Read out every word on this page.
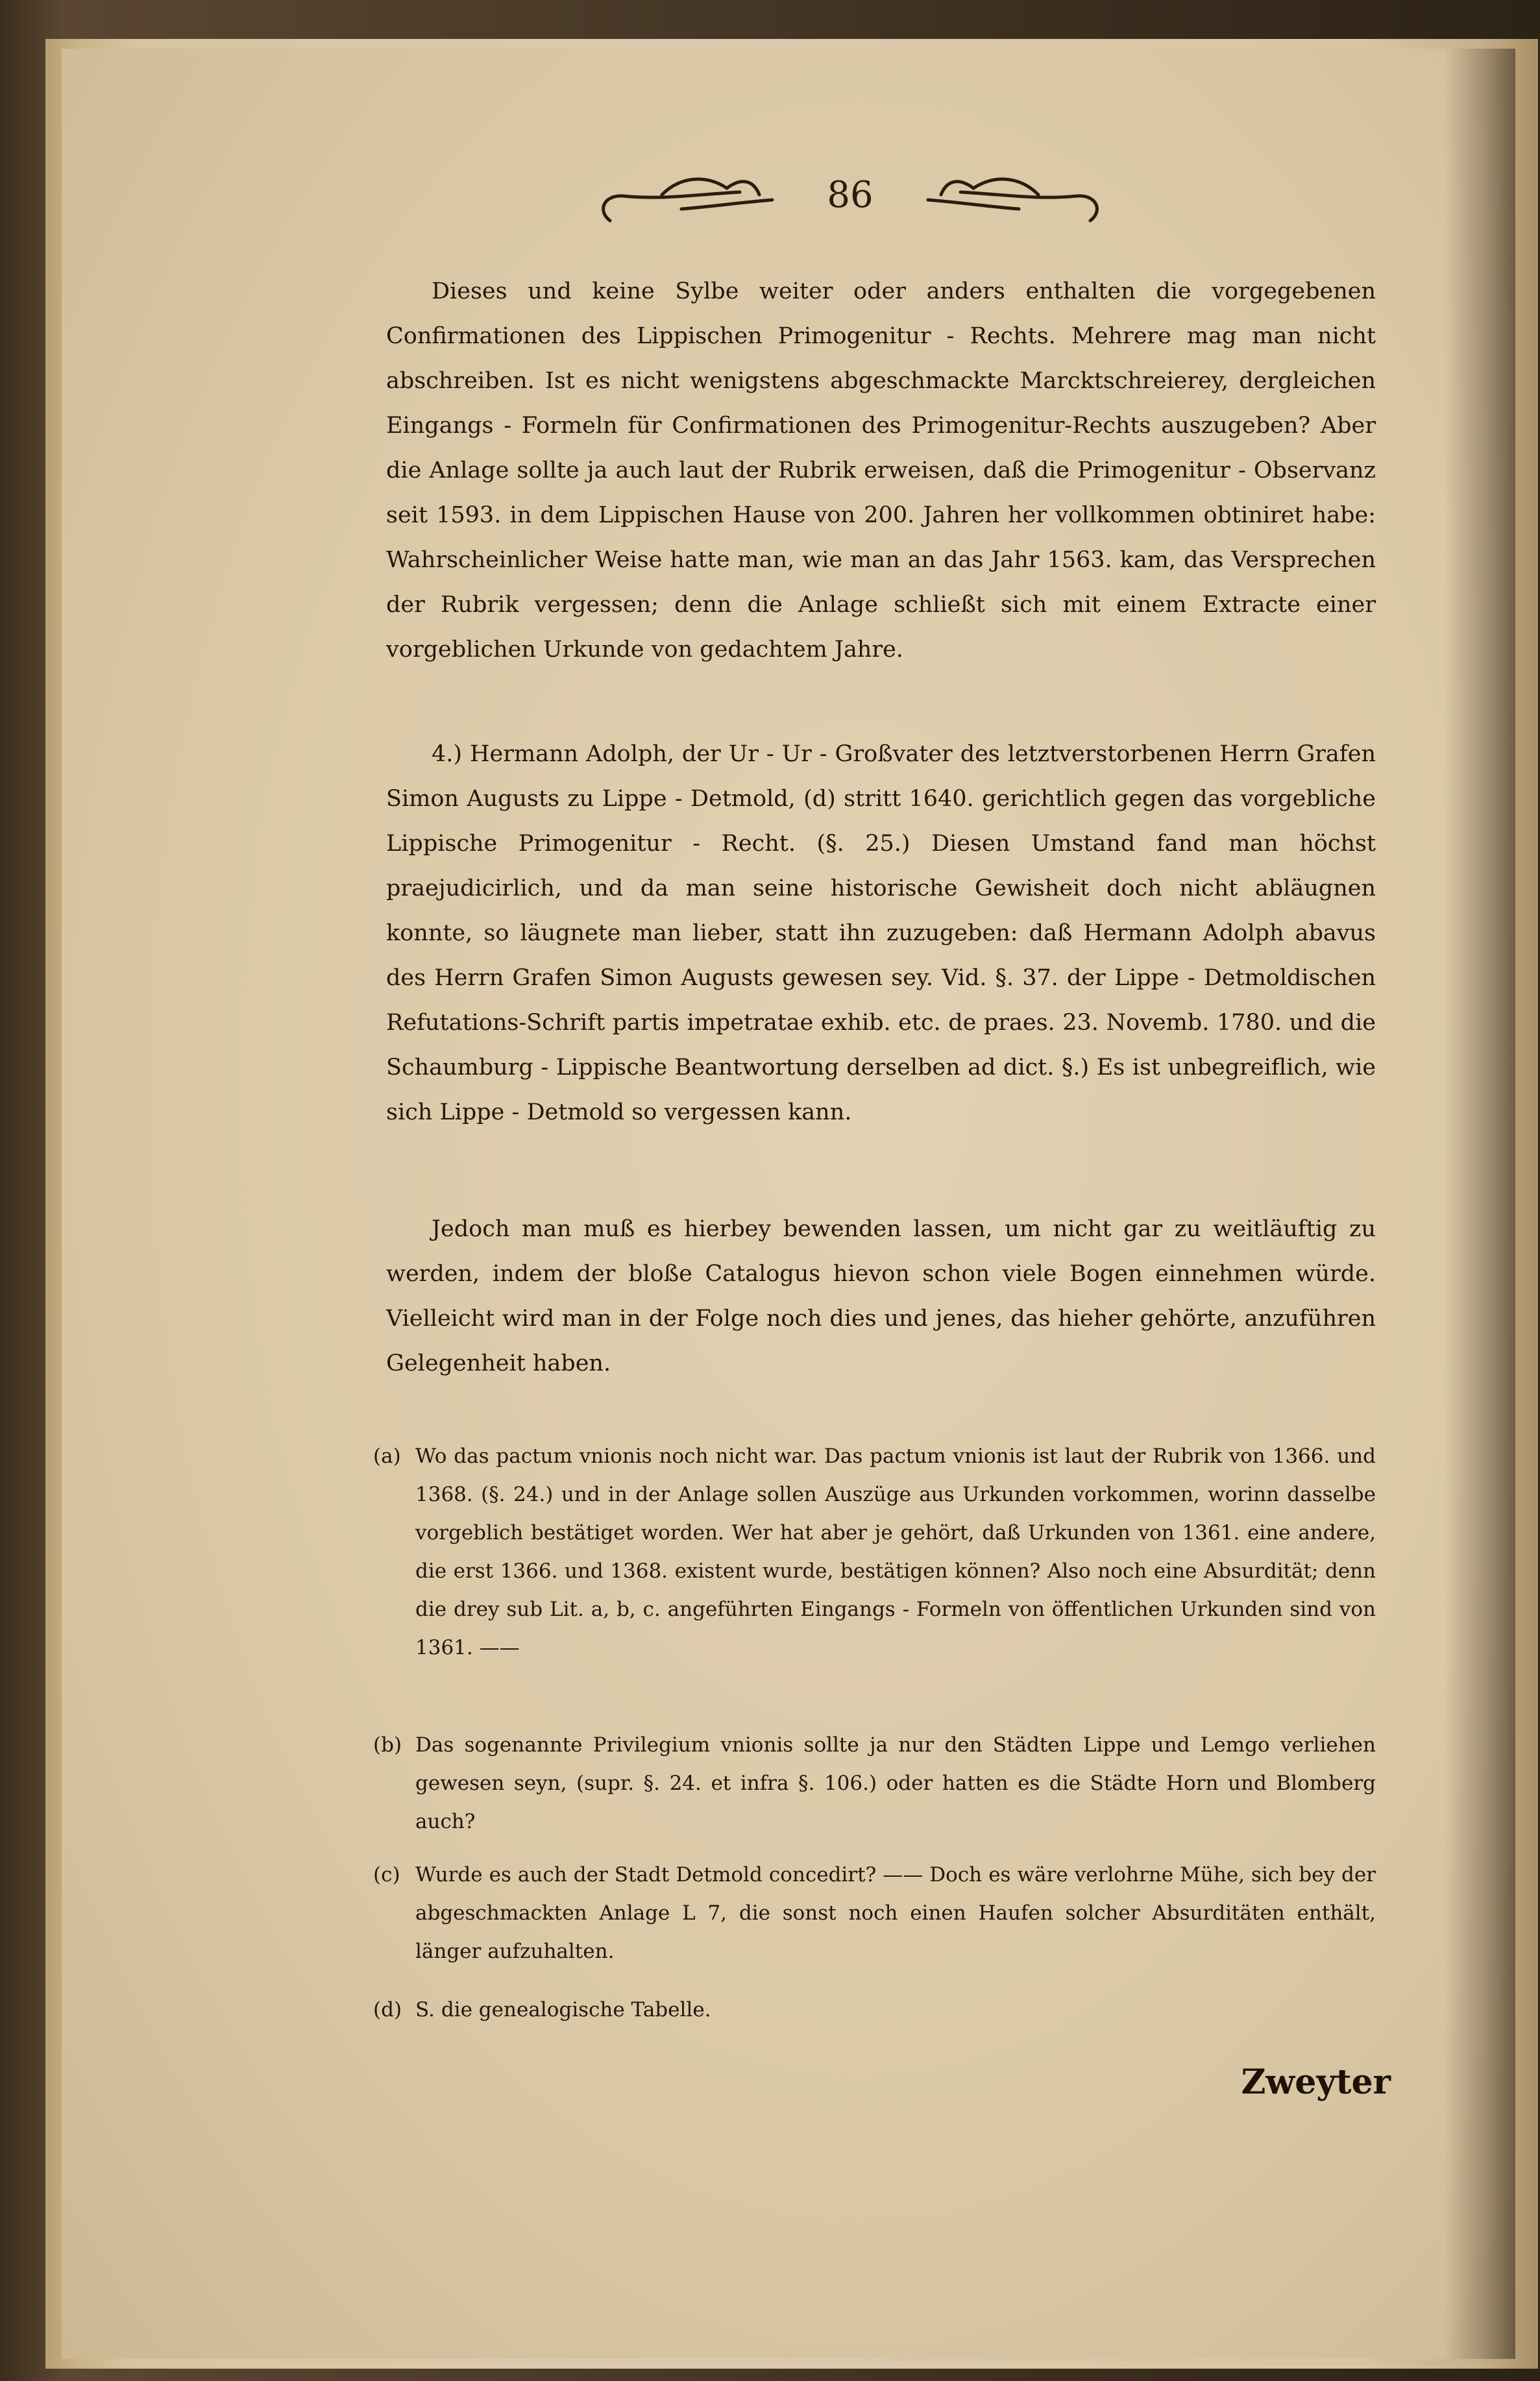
86

Dieses und keine Sylbe weiter oder anders enthalten die vorgegebenen Confirmationen des Lippischen Primogenitur - Rechts. Mehrere mag man nicht abschreiben. Ist es nicht wenigstens abgeschmackte Marcktschreierey, dergleichen Eingangs - Formeln für Confirmationen des Primogenitur-Rechts auszugeben? Aber die Anlage sollte ja auch laut der Rubrik erweisen, daß die Primogenitur - Observanz seit 1593. in dem Lippischen Hause von 200. Jahren her vollkommen obtiniret habe: Wahrscheinlicher Weise hatte man, wie man an das Jahr 1563. kam, das Versprechen der Rubrik vergessen; denn die Anlage schließt sich mit einem Extracte einer vorgeblichen Urkunde von gedachtem Jahre.

4.) Hermann Adolph, der Ur - Ur - Großvater des letztverstorbenen Herrn Grafen Simon Augusts zu Lippe - Detmold, (d) stritt 1640. gerichtlich gegen das vorgebliche Lippische Primogenitur - Recht. (§. 25.) Diesen Umstand fand man höchst praejudicirlich, und da man seine historische Gewisheit doch nicht abläugnen konnte, so läugnete man lieber, statt ihn zuzugeben: daß Hermann Adolph abavus des Herrn Grafen Simon Augusts gewesen sey. Vid. §. 37. der Lippe - Detmoldischen Refutations-Schrift partis impetratae exhib. etc. de praes. 23. Novemb. 1780. und die Schaumburg - Lippische Beantwortung derselben ad dict. §.) Es ist unbegreiflich, wie sich Lippe - Detmold so vergessen kann.

Jedoch man muß es hierbey bewenden lassen, um nicht gar zu weitläuftig zu werden, indem der bloße Catalogus hievon schon viele Bogen einnehmen würde. Vielleicht wird man in der Folge noch dies und jenes, das hieher gehörte, anzuführen Gelegenheit haben.

(a) Wo das pactum vnionis noch nicht war. Das pactum vnionis ist laut der Rubrik von 1366. und 1368. (§. 24.) und in der Anlage sollen Auszüge aus Urkunden vorkommen, worinn dasselbe vorgeblich bestätiget worden. Wer hat aber je gehört, daß Urkunden von 1361. eine andere, die erst 1366. und 1368. existent wurde, bestätigen können? Also noch eine Absurdität; denn die drey sub Lit. a, b, c. angeführten Eingangs - Formeln von öffentlichen Urkunden sind von 1361. ——
(b) Das sogenannte Privilegium vnionis sollte ja nur den Städten Lippe und Lemgo verliehen gewesen seyn, (supr. §. 24. et infra §. 106.) oder hatten es die Städte Horn und Blomberg auch?
(c) Wurde es auch der Stadt Detmold concedirt? —— Doch es wäre verlohrne Mühe, sich bey der abgeschmackten Anlage L 7, die sonst noch einen Haufen solcher Absurditäten enthält, länger aufzuhalten.
(d) S. die genealogische Tabelle.
Zweyter
